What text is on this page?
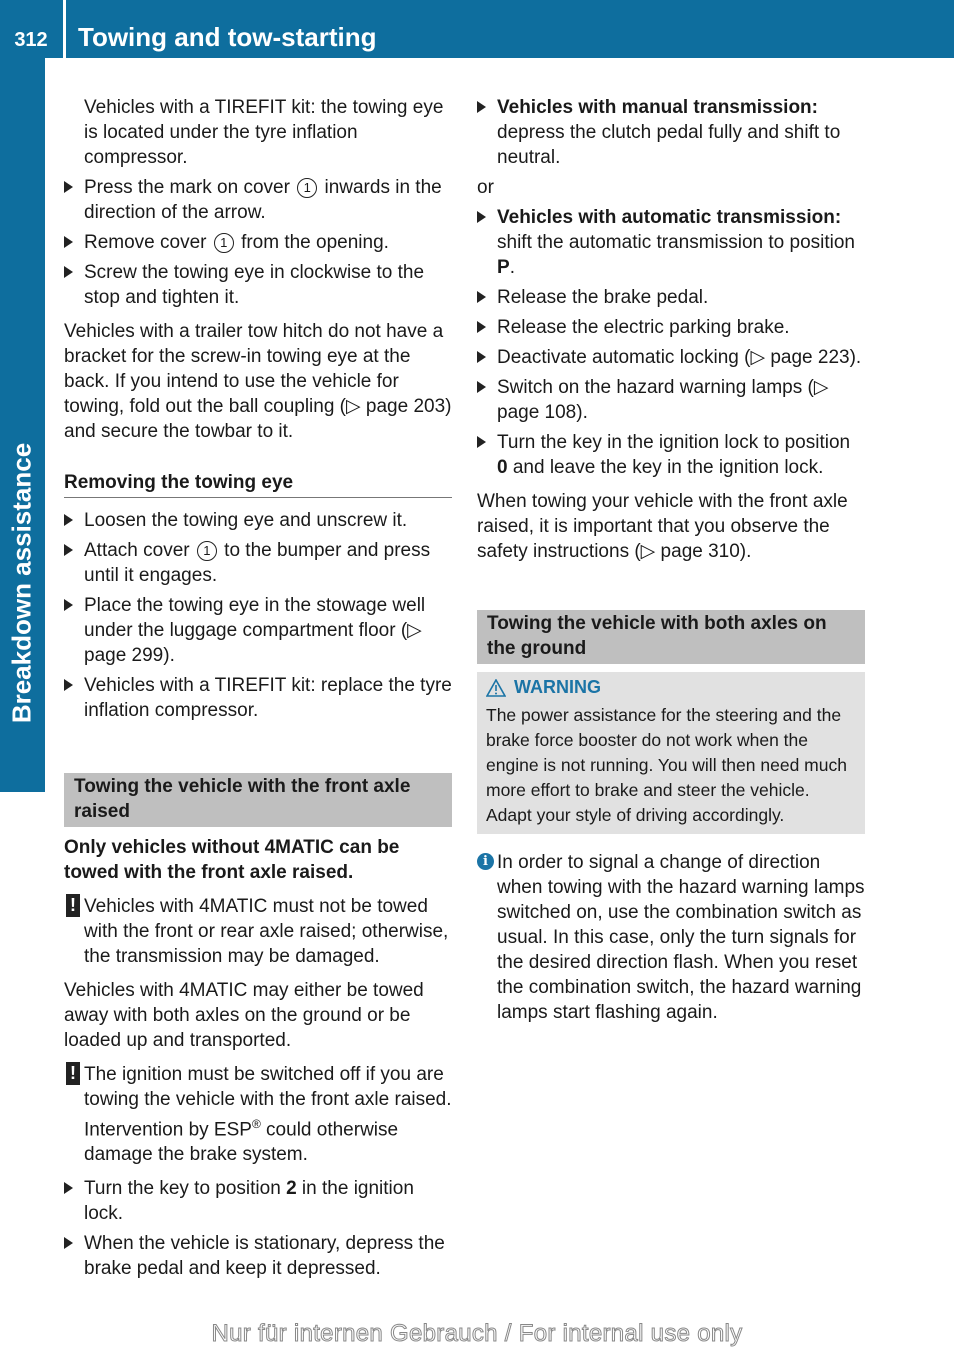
312	Towing and tow-starting
Breakdown assistance

Vehicles with a TIREFIT kit: the towing eye is located under the tyre inflation compressor.

Press the mark on cover 1 inwards in the direction of the arrow.
Remove cover 1 from the opening.
Screw the towing eye in clockwise to the stop and tighten it.

Vehicles with a trailer tow hitch do not have a bracket for the screw-in towing eye at the back. If you intend to use the vehicle for towing, fold out the ball coupling (▷ page 203) and secure the towbar to it.

Removing the towing eye
Loosen the towing eye and unscrew it.
Attach cover 1 to the bumper and press until it engages.
Place the towing eye in the stowage well under the luggage compartment floor (▷ page 299).
Vehicles with a TIREFIT kit: replace the tyre inflation compressor.
Towing the vehicle with the front axle raised

Only vehicles without 4MATIC can be towed with the front axle raised.

! Vehicles with 4MATIC must not be towed with the front or rear axle raised; otherwise, the transmission may be damaged.

Vehicles with 4MATIC may either be towed away with both axles on the ground or be loaded up and transported.

! The ignition must be switched off if you are towing the vehicle with the front axle raised. Intervention by ESP® could otherwise damage the brake system.
Turn the key to position 2 in the ignition lock.
When the vehicle is stationary, depress the brake pedal and keep it depressed.
Vehicles with manual transmission: depress the clutch pedal fully and shift to neutral.
or
Vehicles with automatic transmission: shift the automatic transmission to position P.
Release the brake pedal.
Release the electric parking brake.
Deactivate automatic locking (▷ page 223).
Switch on the hazard warning lamps (▷ page 108).
Turn the key in the ignition lock to position 0 and leave the key in the ignition lock.

When towing your vehicle with the front axle raised, it is important that you observe the safety instructions (▷ page 310).

Towing the vehicle with both axles on the ground
WARNING
The power assistance for the steering and the brake force booster do not work when the engine is not running. You will then need much more effort to brake and steer the vehicle. Adapt your style of driving accordingly.
i In order to signal a change of direction when towing with the hazard warning lamps switched on, use the combination switch as usual. In this case, only the turn signals for the desired direction flash. When you reset the combination switch, the hazard warning lamps start flashing again.
Nur für internen Gebrauch / For internal use only
